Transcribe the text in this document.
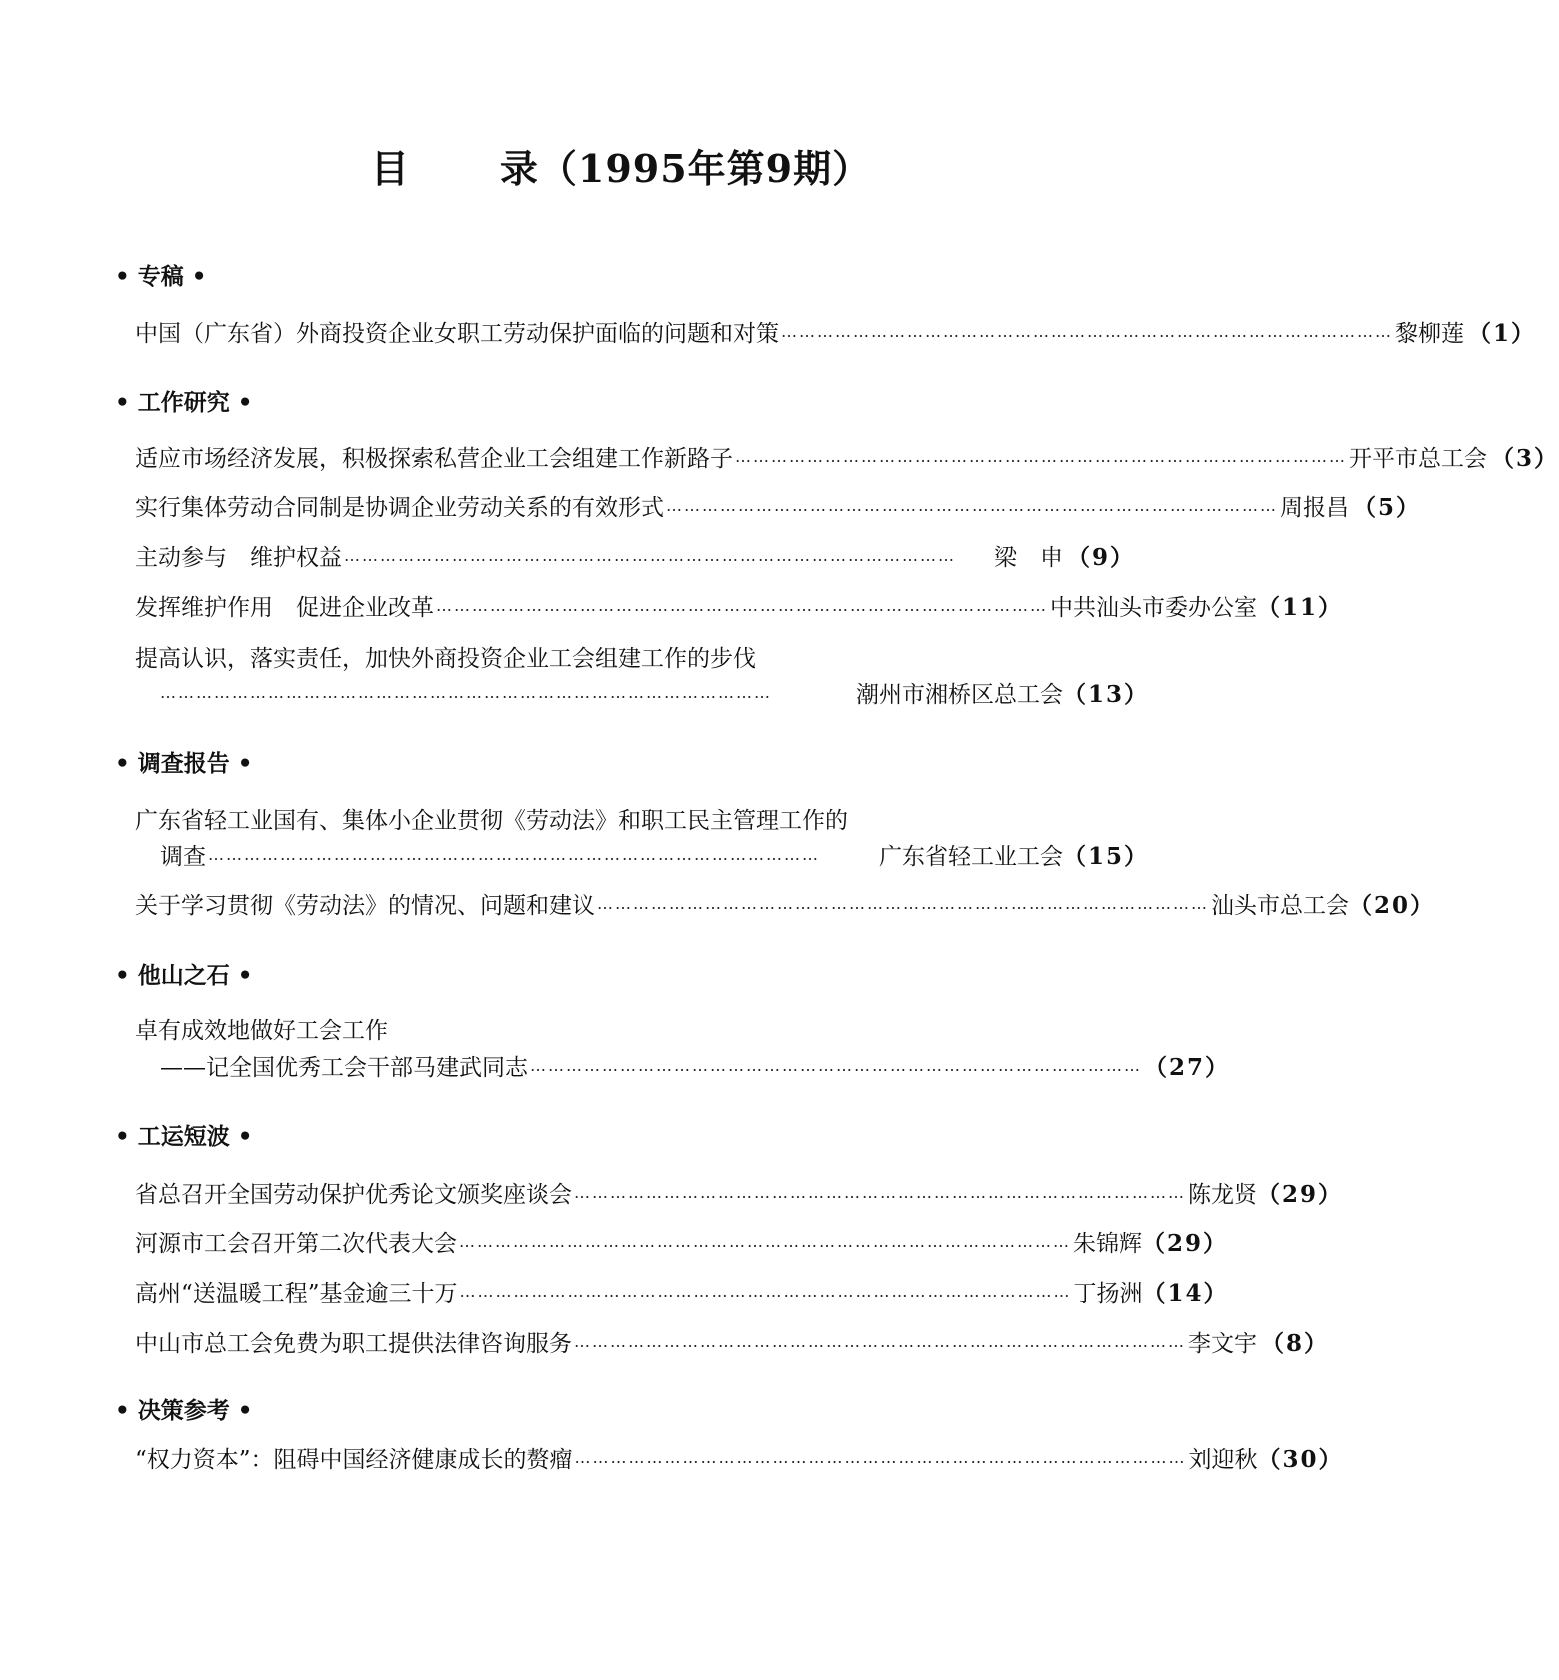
目 录（1995年第9期）
• 专稿 •
中国（广东省）外商投资企业女职工劳动保护面临的问题和对策 ………………………………………………………………………………………… 黎柳莲 （1）
• 工作研究 •
适应市场经济发展，积极探索私营企业工会组建工作新路子 ………………………………………………………………………………………… 开平市总工会 （3）
实行集体劳动合同制是协调企业劳动关系的有效形式 ………………………………………………………………………………………… 周报昌 （5）
主动参与　维护权益 …………………………………………………………………………………………	梁　申 （9）
发挥维护作用　促进企业改革 ………………………………………………………………………………………… 中共汕头市委办公室 （11）
提高认识，落实责任，加快外商投资企业工会组建工作的步伐
…………………………………………………………………………………………	潮州市湘桥区总工会 （13）
• 调查报告 •
广东省轻工业国有、集体小企业贯彻《劳动法》和职工民主管理工作的
调查 …………………………………………………………………………………………	广东省轻工业工会 （15）
关于学习贯彻《劳动法》的情况、问题和建议 ………………………………………………………………………………………… 汕头市总工会 （20）
• 他山之石 •
卓有成效地做好工会工作
——记全国优秀工会干部马建武同志 ………………………………………………………………………………………… （27）
• 工运短波 •
省总召开全国劳动保护优秀论文颁奖座谈会 ………………………………………………………………………………………… 陈龙贤 （29）
河源市工会召开第二次代表大会 ………………………………………………………………………………………… 朱锦辉 （29）
高州“送温暖工程”基金逾三十万 ………………………………………………………………………………………… 丁扬洲 （14）
中山市总工会免费为职工提供法律咨询服务 ………………………………………………………………………………………… 李文宇 （8）
• 决策参考 •
“权力资本”：阻碍中国经济健康成长的赘瘤 ………………………………………………………………………………………… 刘迎秋 （30）
